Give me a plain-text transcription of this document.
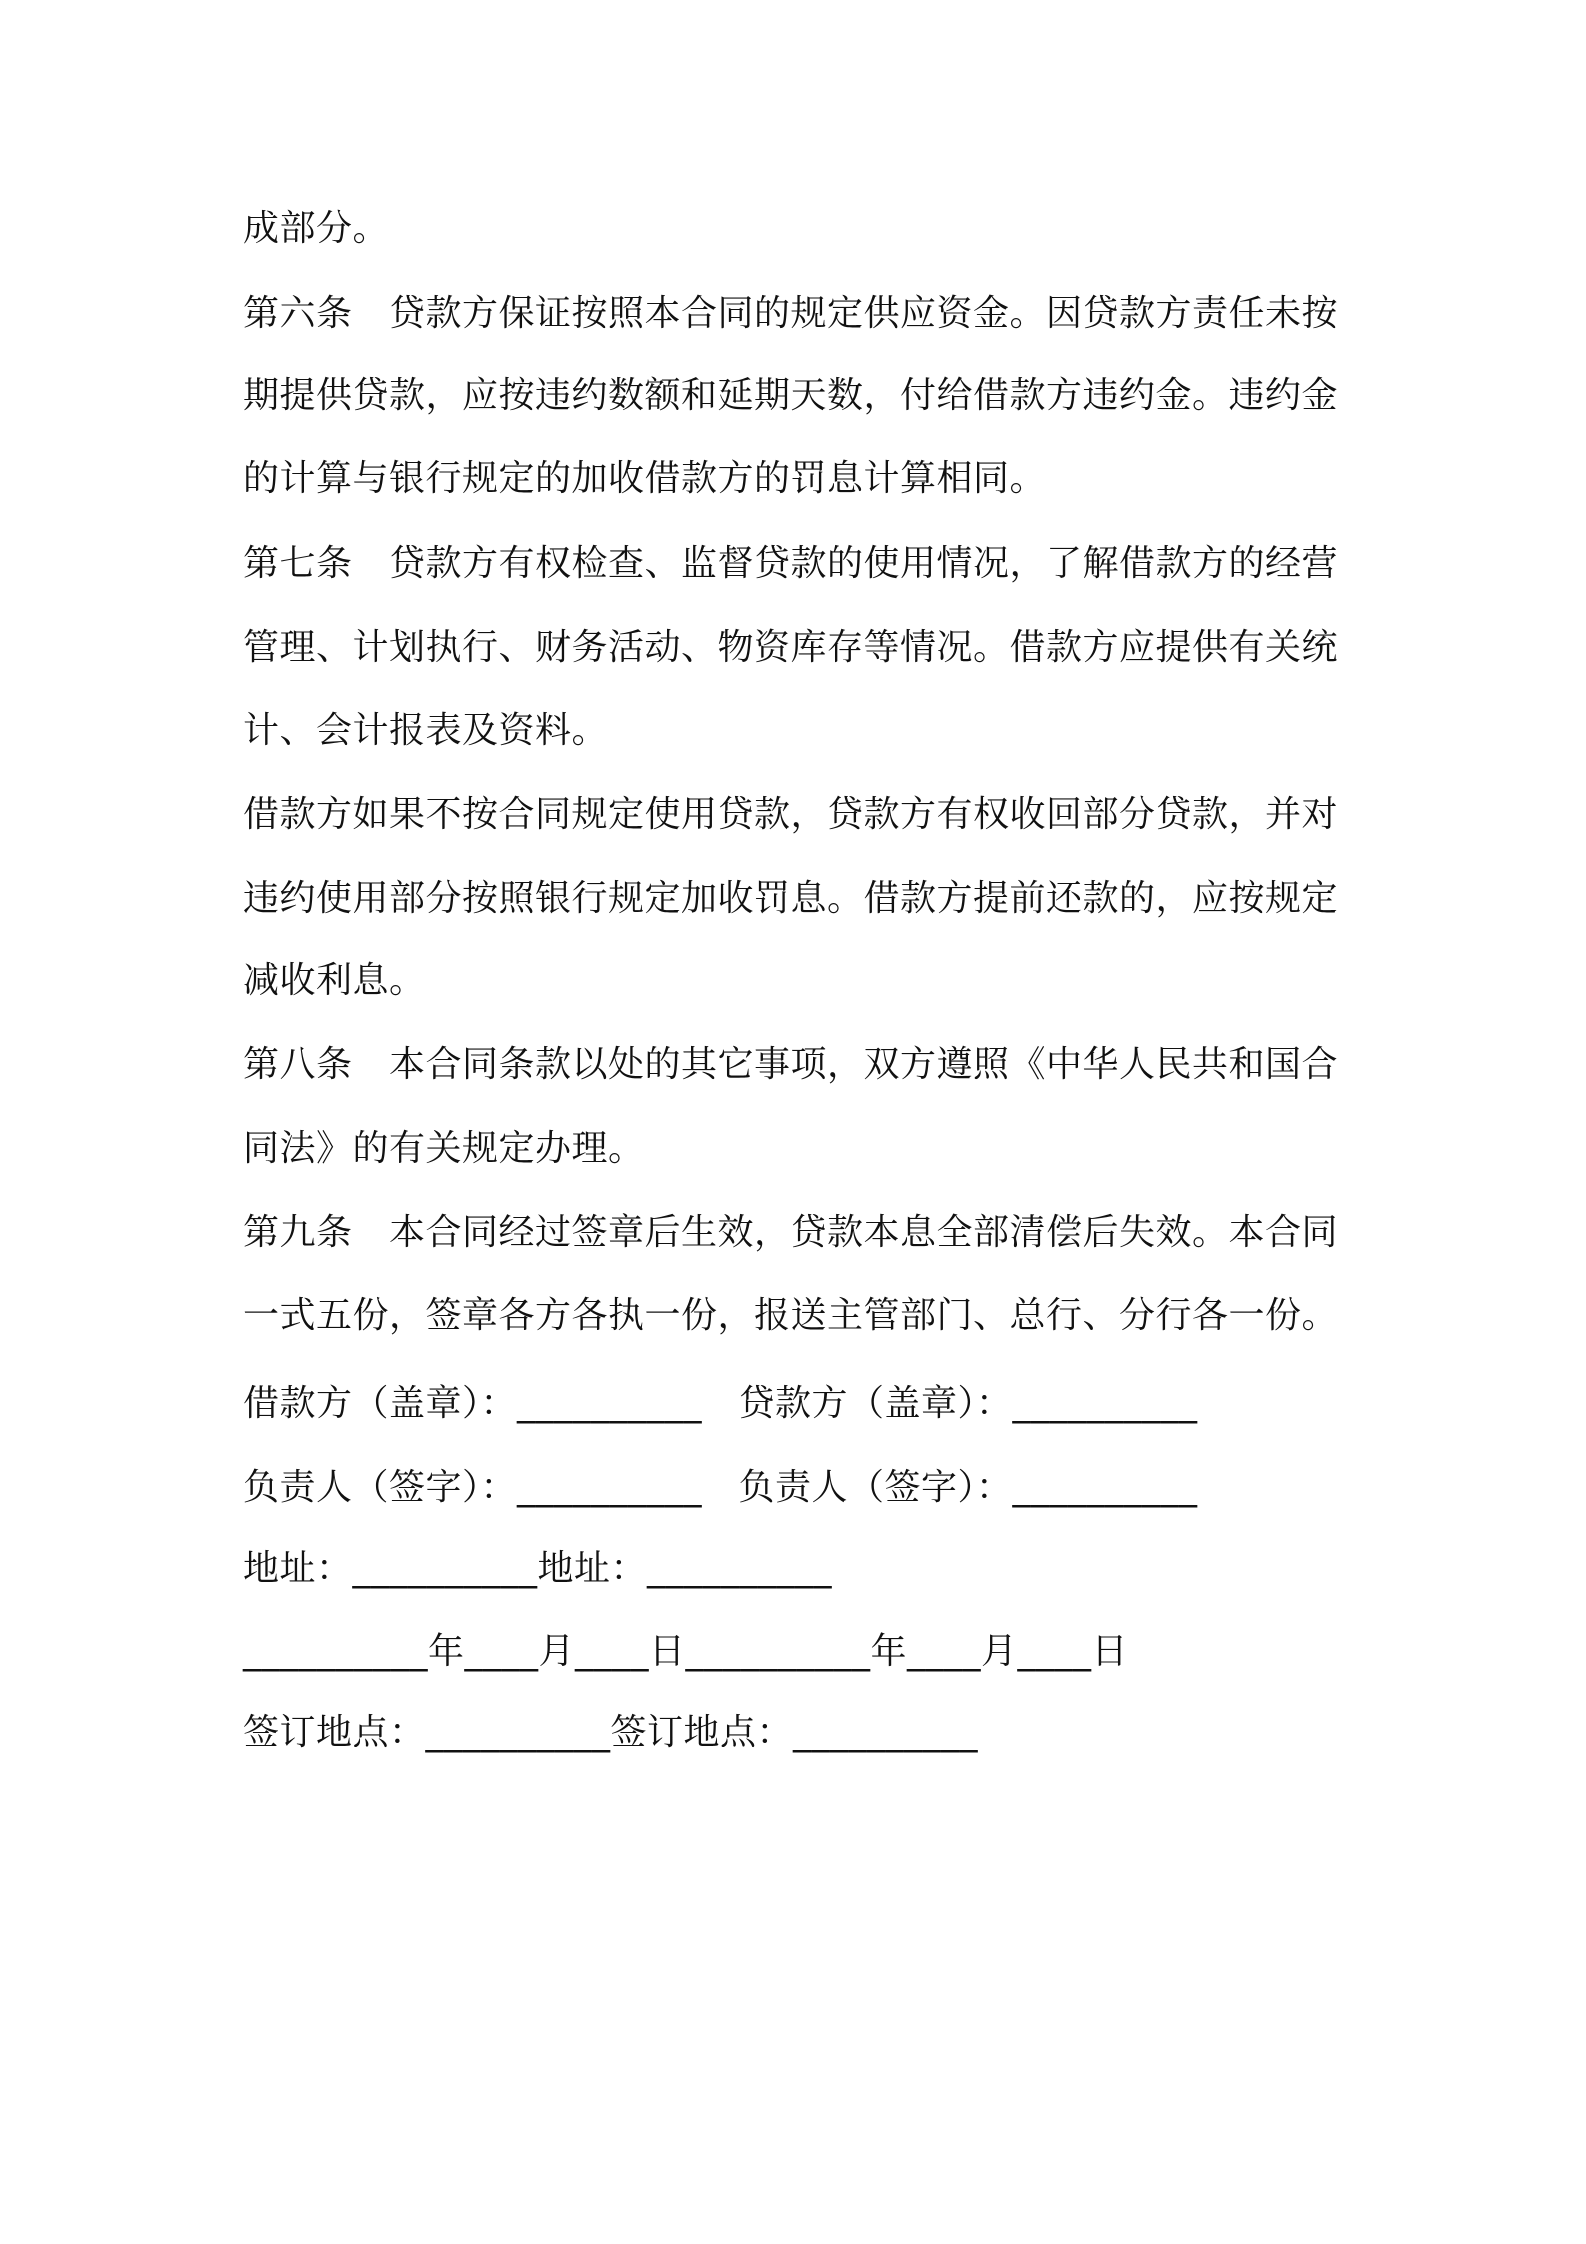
成部分。
第六条　贷款方保证按照本合同的规定供应资金。因贷款方责任未按
期提供贷款，应按违约数额和延期天数，付给借款方违约金。违约金
的计算与银行规定的加收借款方的罚息计算相同。
第七条　贷款方有权检查、监督贷款的使用情况，了解借款方的经营
管理、计划执行、财务活动、物资库存等情况。借款方应提供有关统
计、会计报表及资料。
借款方如果不按合同规定使用贷款，贷款方有权收回部分贷款，并对
违约使用部分按照银行规定加收罚息。借款方提前还款的，应按规定
减收利息。
第八条　本合同条款以处的其它事项，双方遵照《中华人民共和国合
同法》的有关规定办理。
第九条　本合同经过签章后生效，贷款本息全部清偿后失效。本合同
一式五份，签章各方各执一份，报送主管部门、总行、分行各一份。
借款方（盖章）：__________　贷款方（盖章）：__________
负责人（签字）：__________　负责人（签字）：__________
地址：__________地址：__________
__________年____月____日__________年____月____日
签订地点：__________签订地点：__________
